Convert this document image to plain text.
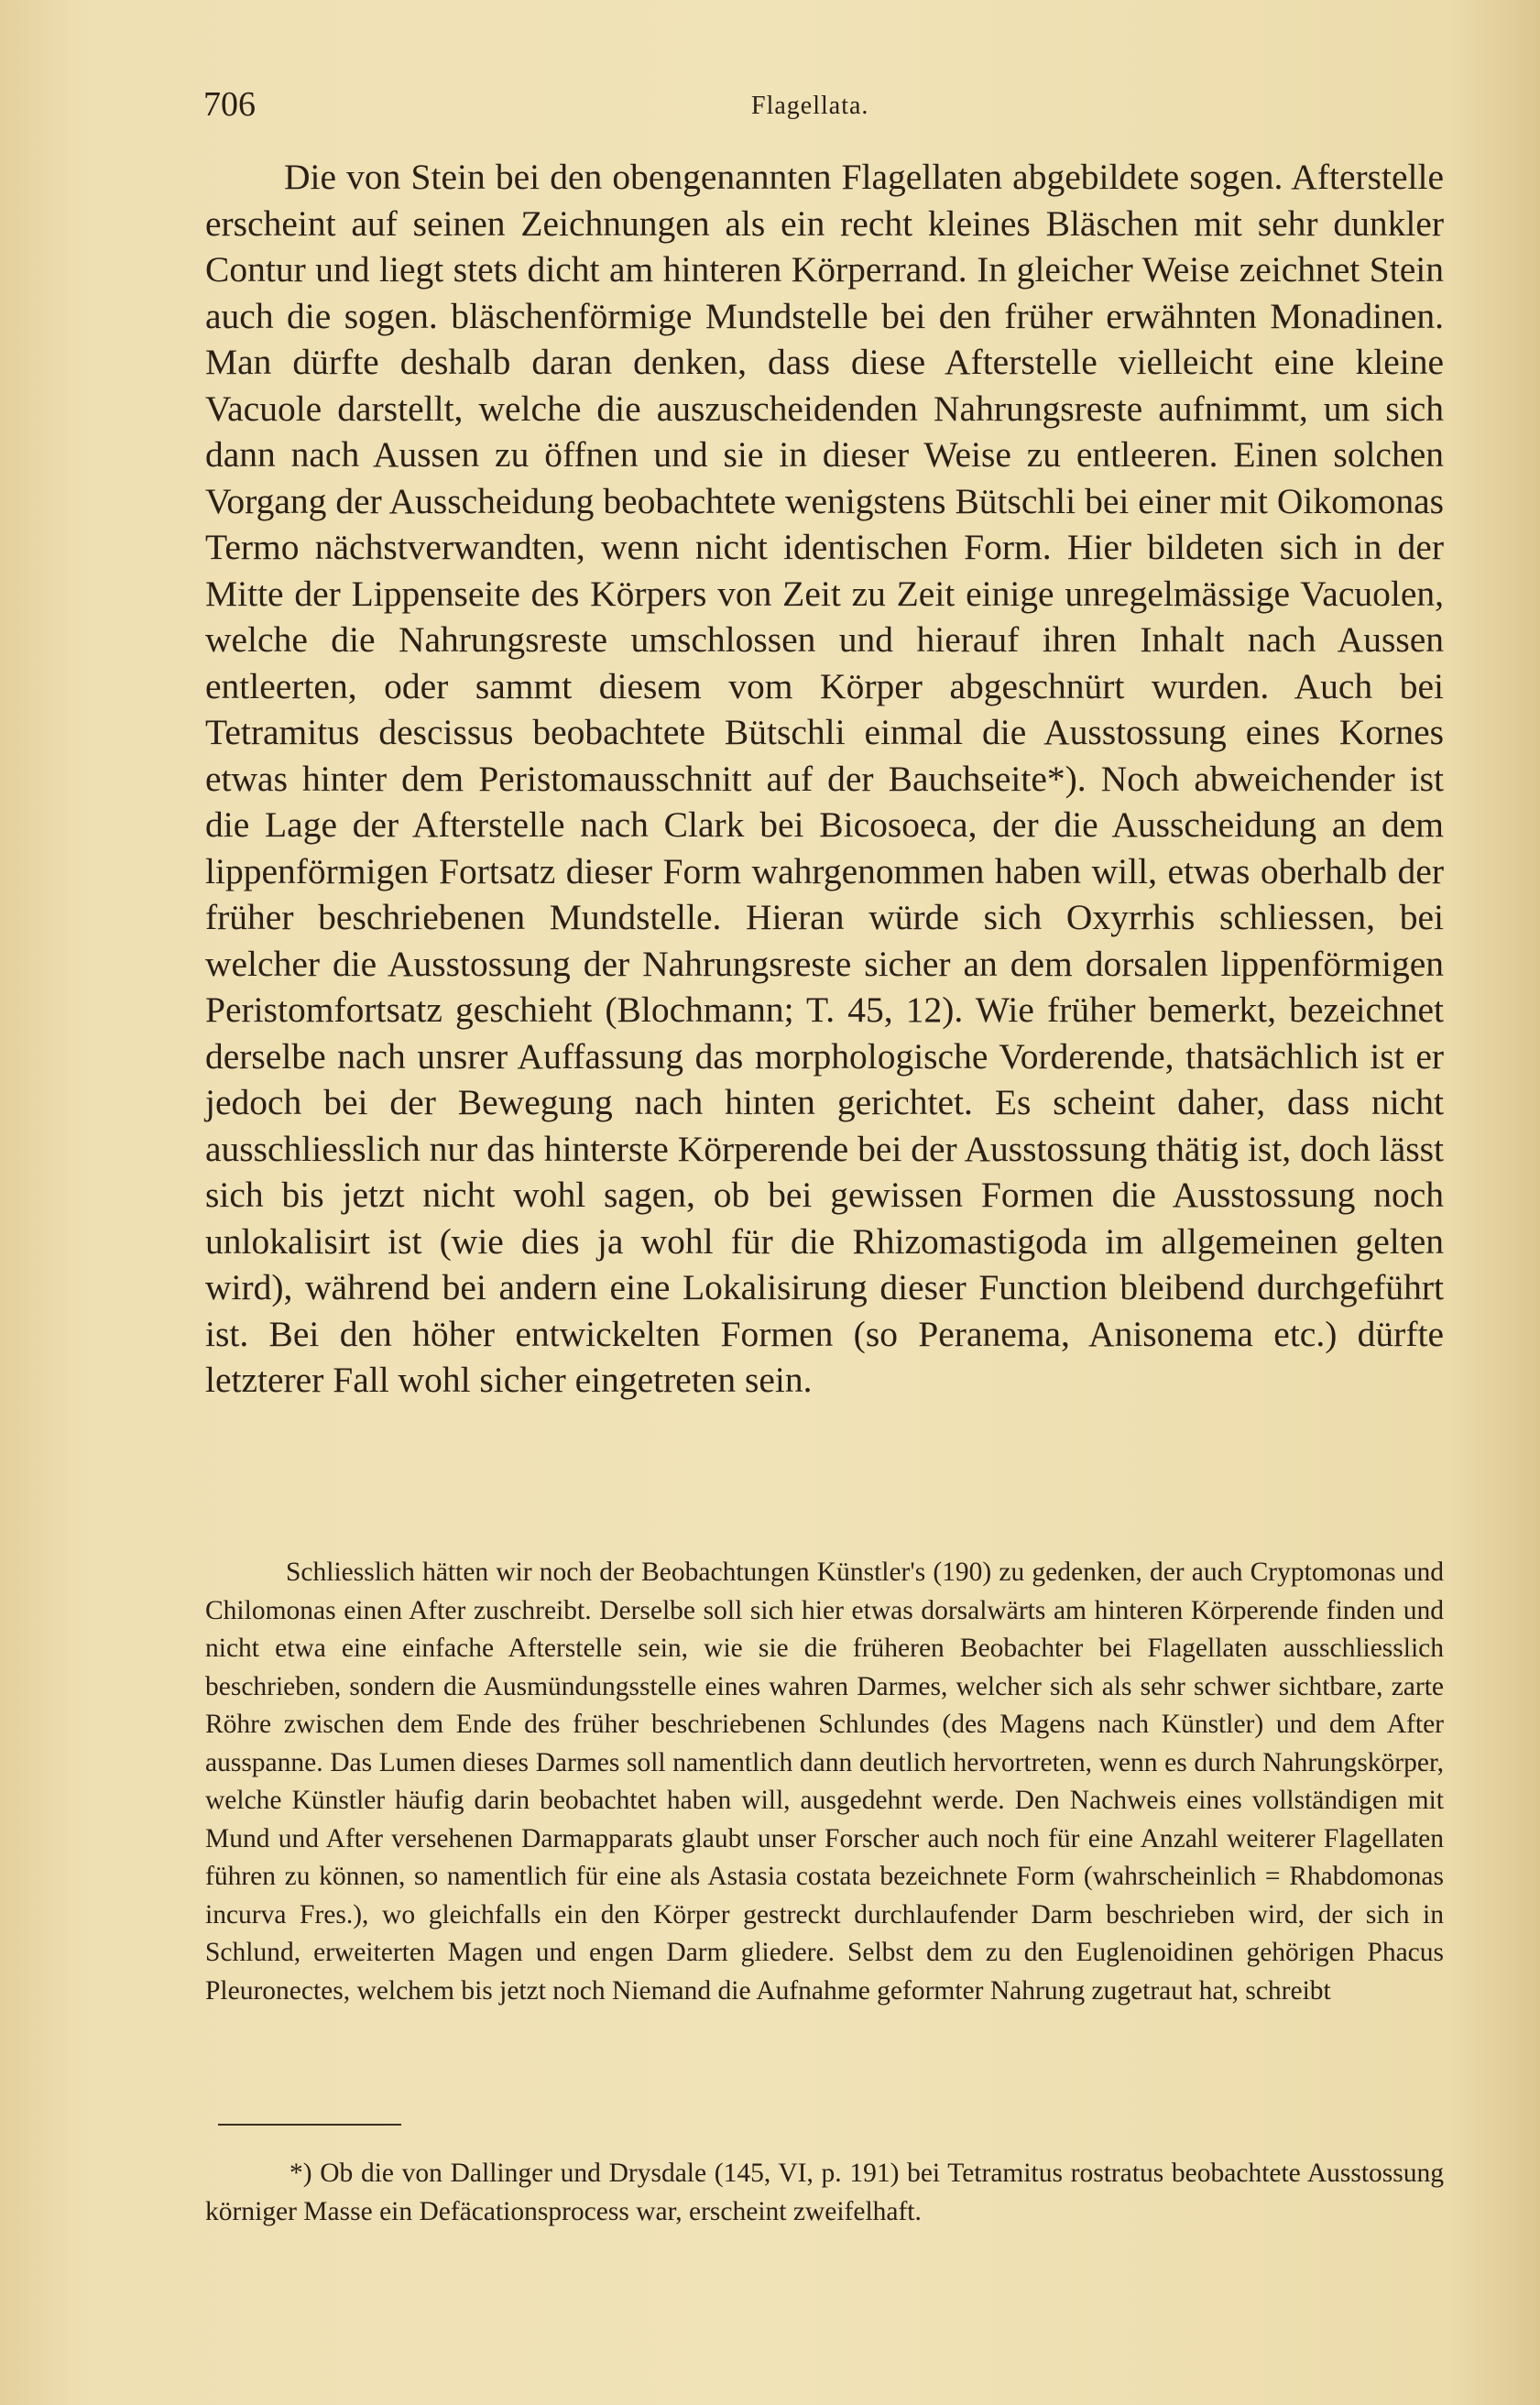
706	Flagellata.

Die von Stein bei den obengenannten Flagellaten abgebildete sogen. Afterstelle erscheint auf seinen Zeichnungen als ein recht kleines Bläschen mit sehr dunkler Contur und liegt stets dicht am hinteren Körperrand. In gleicher Weise zeichnet Stein auch die sogen. bläschenförmige Mundstelle bei den früher erwähnten Monadinen. Man dürfte deshalb daran denken, dass diese Afterstelle vielleicht eine kleine Vacuole darstellt, welche die auszuscheidenden Nahrungsreste aufnimmt, um sich dann nach Aussen zu öffnen und sie in dieser Weise zu entleeren. Einen solchen Vorgang der Ausscheidung beobachtete wenigstens Bütschli bei einer mit Oikomonas Termo nächstverwandten, wenn nicht identischen Form. Hier bildeten sich in der Mitte der Lippenseite des Körpers von Zeit zu Zeit einige unregelmässige Vacuolen, welche die Nahrungsreste umschlossen und hierauf ihren Inhalt nach Aussen entleerten, oder sammt diesem vom Körper abgeschnürt wurden. Auch bei Tetramitus descissus beobachtete Bütschli einmal die Ausstossung eines Kornes etwas hinter dem Peristomausschnitt auf der Bauchseite*). Noch abweichender ist die Lage der Afterstelle nach Clark bei Bicosoeca, der die Ausscheidung an dem lippenförmigen Fortsatz dieser Form wahrgenommen haben will, etwas oberhalb der früher beschriebenen Mundstelle. Hieran würde sich Oxyrrhis schliessen, bei welcher die Ausstossung der Nahrungsreste sicher an dem dorsalen lippenförmigen Peristomfortsatz geschieht (Blochmann; T. 45, 12). Wie früher bemerkt, bezeichnet derselbe nach unsrer Auffassung das morphologische Vorderende, thatsächlich ist er jedoch bei der Bewegung nach hinten gerichtet. Es scheint daher, dass nicht ausschliesslich nur das hinterste Körperende bei der Ausstossung thätig ist, doch lässt sich bis jetzt nicht wohl sagen, ob bei gewissen Formen die Ausstossung noch unlokalisirt ist (wie dies ja wohl für die Rhizomastigoda im allgemeinen gelten wird), während bei andern eine Lokalisirung dieser Function bleibend durchgeführt ist. Bei den höher entwickelten Formen (so Peranema, Anisonema etc.) dürfte letzterer Fall wohl sicher eingetreten sein.

Schliesslich hätten wir noch der Beobachtungen Künstler's (190) zu gedenken, der auch Cryptomonas und Chilomonas einen After zuschreibt. Derselbe soll sich hier etwas dorsalwärts am hinteren Körperende finden und nicht etwa eine einfache Afterstelle sein, wie sie die früheren Beobachter bei Flagellaten ausschliesslich beschrieben, sondern die Ausmündungsstelle eines wahren Darmes, welcher sich als sehr schwer sichtbare, zarte Röhre zwischen dem Ende des früher beschriebenen Schlundes (des Magens nach Künstler) und dem After ausspanne. Das Lumen dieses Darmes soll namentlich dann deutlich hervortreten, wenn es durch Nahrungskörper, welche Künstler häufig darin beobachtet haben will, ausgedehnt werde. Den Nachweis eines vollständigen mit Mund und After versehenen Darmapparats glaubt unser Forscher auch noch für eine Anzahl weiterer Flagellaten führen zu können, so namentlich für eine als Astasia costata bezeichnete Form (wahrscheinlich = Rhabdomonas incurva Fres.), wo gleichfalls ein den Körper gestreckt durchlaufender Darm beschrieben wird, der sich in Schlund, erweiterten Magen und engen Darm gliedere. Selbst dem zu den Euglenoidinen gehörigen Phacus Pleuronectes, welchem bis jetzt noch Niemand die Aufnahme geformter Nahrung zugetraut hat, schreibt

*) Ob die von Dallinger und Drysdale (145, VI, p. 191) bei Tetramitus rostratus beobachtete Ausstossung körniger Masse ein Defäcationsprocess war, erscheint zweifelhaft.
